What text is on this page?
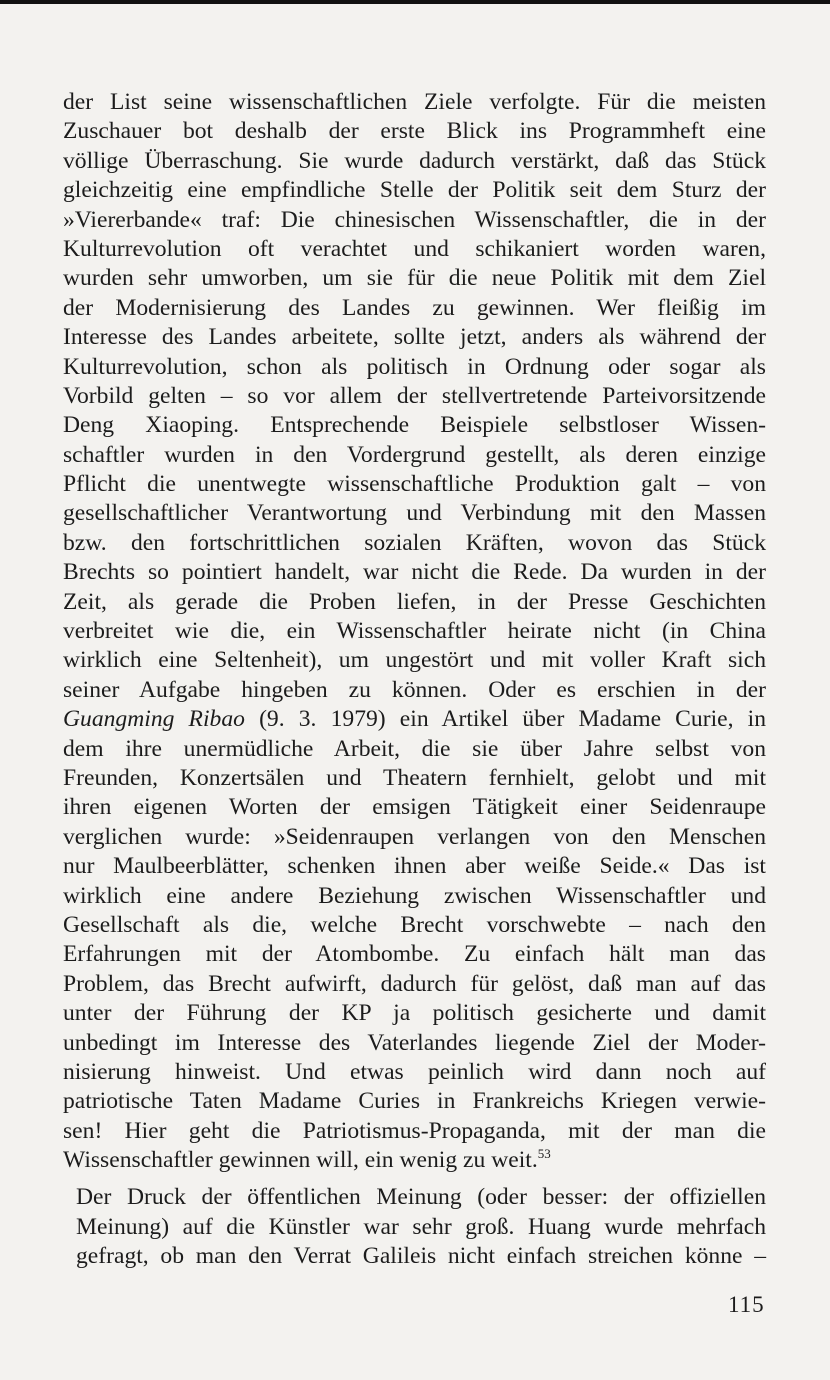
der List seine wissenschaftlichen Ziele verfolgte. Für die meisten
Zuschauer bot deshalb der erste Blick ins Programmheft eine
völlige Überraschung. Sie wurde dadurch verstärkt, daß das Stück
gleichzeitig eine empfindliche Stelle der Politik seit dem Sturz der
»Viererbande« traf: Die chinesischen Wissenschaftler, die in der
Kulturrevolution oft verachtet und schikaniert worden waren,
wurden sehr umworben, um sie für die neue Politik mit dem Ziel
der Modernisierung des Landes zu gewinnen. Wer fleißig im
Interesse des Landes arbeitete, sollte jetzt, anders als während der
Kulturrevolution, schon als politisch in Ordnung oder sogar als
Vorbild gelten – so vor allem der stellvertretende Parteivorsitzende
Deng Xiaoping. Entsprechende Beispiele selbstloser Wissen-
schaftler wurden in den Vordergrund gestellt, als deren einzige
Pflicht die unentwegte wissenschaftliche Produktion galt – von
gesellschaftlicher Verantwortung und Verbindung mit den Massen
bzw. den fortschrittlichen sozialen Kräften, wovon das Stück
Brechts so pointiert handelt, war nicht die Rede. Da wurden in der
Zeit, als gerade die Proben liefen, in der Presse Geschichten
verbreitet wie die, ein Wissenschaftler heirate nicht (in China
wirklich eine Seltenheit), um ungestört und mit voller Kraft sich
seiner Aufgabe hingeben zu können. Oder es erschien in der
Guangming Ribao (9. 3. 1979) ein Artikel über Madame Curie, in
dem ihre unermüdliche Arbeit, die sie über Jahre selbst von
Freunden, Konzertsälen und Theatern fernhielt, gelobt und mit
ihren eigenen Worten der emsigen Tätigkeit einer Seidenraupe
verglichen wurde: »Seidenraupen verlangen von den Menschen
nur Maulbeerblätter, schenken ihnen aber weiße Seide.« Das ist
wirklich eine andere Beziehung zwischen Wissenschaftler und
Gesellschaft als die, welche Brecht vorschwebte – nach den
Erfahrungen mit der Atombombe. Zu einfach hält man das
Problem, das Brecht aufwirft, dadurch für gelöst, daß man auf das
unter der Führung der KP ja politisch gesicherte und damit
unbedingt im Interesse des Vaterlandes liegende Ziel der Moder-
nisierung hinweist. Und etwas peinlich wird dann noch auf
patriotische Taten Madame Curies in Frankreichs Kriegen verwie-
sen! Hier geht die Patriotismus-Propaganda, mit der man die
Wissenschaftler gewinnen will, ein wenig zu weit.$^{53}$
Der Druck der öffentlichen Meinung (oder besser: der offiziellen
Meinung) auf die Künstler war sehr groß. Huang wurde mehrfach
gefragt, ob man den Verrat Galileis nicht einfach streichen könne –
115
